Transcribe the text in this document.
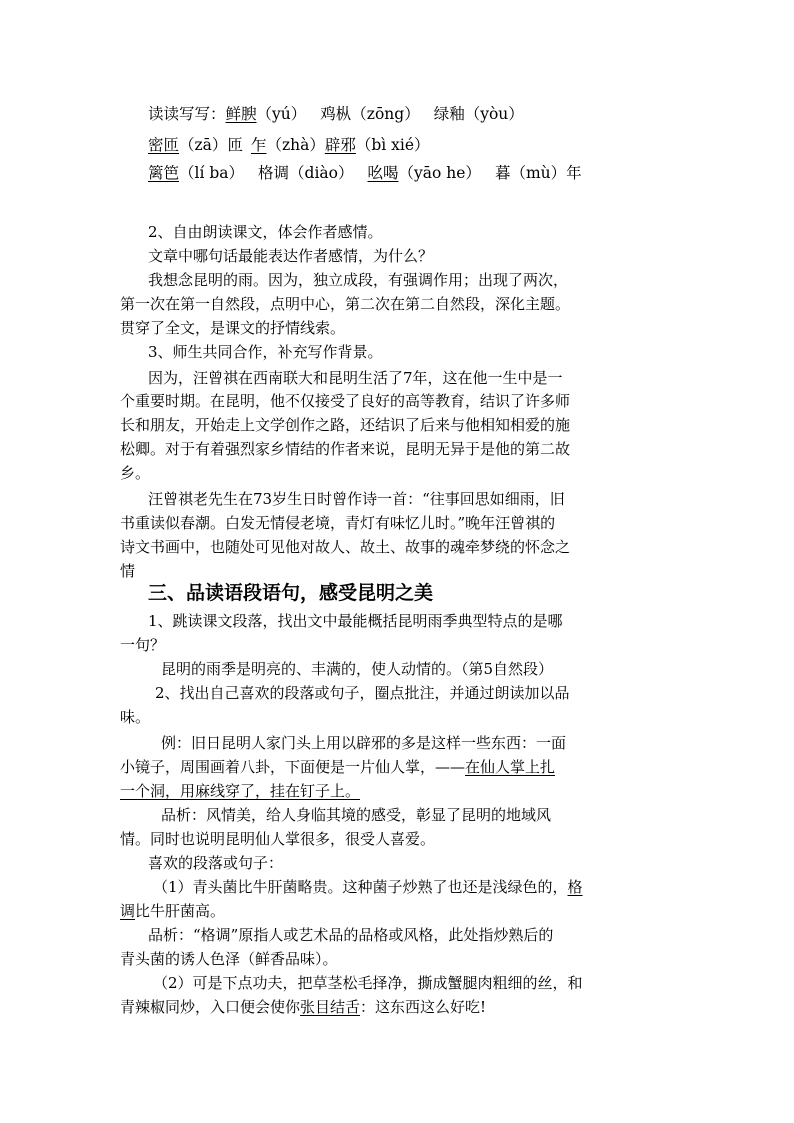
读读写写：鲜腴（yú） 鸡枞（zōng） 绿釉（yòu）
密匝（zā）匝 乍（zhà）辟邪（bì xié）
篱笆（lí ba） 格调（diào） 吆喝（yāo he） 暮（mù）年
2、自由朗读课文，体会作者感情。
文章中哪句话最能表达作者感情，为什么？
我想念昆明的雨。因为，独立成段，有强调作用；出现了两次，
第一次在第一自然段，点明中心，第二次在第二自然段，深化主题。
贯穿了全文，是课文的抒情线索。
3、师生共同合作，补充写作背景。
因为，汪曾祺在西南联大和昆明生活了7年，这在他一生中是一
个重要时期。在昆明，他不仅接受了良好的高等教育，结识了许多师
长和朋友，开始走上文学创作之路，还结识了后来与他相知相爱的施
松卿。对于有着强烈家乡情结的作者来说，昆明无异于是他的第二故
乡。
汪曾祺老先生在73岁生日时曾作诗一首：“往事回思如细雨，旧
书重读似春潮。白发无情侵老境，青灯有味忆儿时。”晚年汪曾祺的
诗文书画中，也随处可见他对故人、故土、故事的魂牵梦绕的怀念之
情
三、品读语段语句，感受昆明之美
1、跳读课文段落，找出文中最能概括昆明雨季典型特点的是哪
一句？
昆明的雨季是明亮的、丰满的，使人动情的。（第5自然段）
2、找出自己喜欢的段落或句子，圈点批注，并通过朗读加以品
味。
例：旧日昆明人家门头上用以辟邪的多是这样一些东西：一面
小镜子，周围画着八卦，下面便是一片仙人掌，——在仙人掌上扎
一个洞，用麻线穿了，挂在钉子上。
品析：风情美，给人身临其境的感受，彰显了昆明的地域风
情。同时也说明昆明仙人掌很多，很受人喜爱。
喜欢的段落或句子：
（1）青头菌比牛肝菌略贵。这种菌子炒熟了也还是浅绿色的，格
调比牛肝菌高。
品析：“格调”原指人或艺术品的品格或风格，此处指炒熟后的
青头菌的诱人色泽（鲜香品味）。
（2）可是下点功夫，把草茎松毛择净，撕成蟹腿肉粗细的丝，和
青辣椒同炒，入口便会使你张目结舌：这东西这么好吃!
